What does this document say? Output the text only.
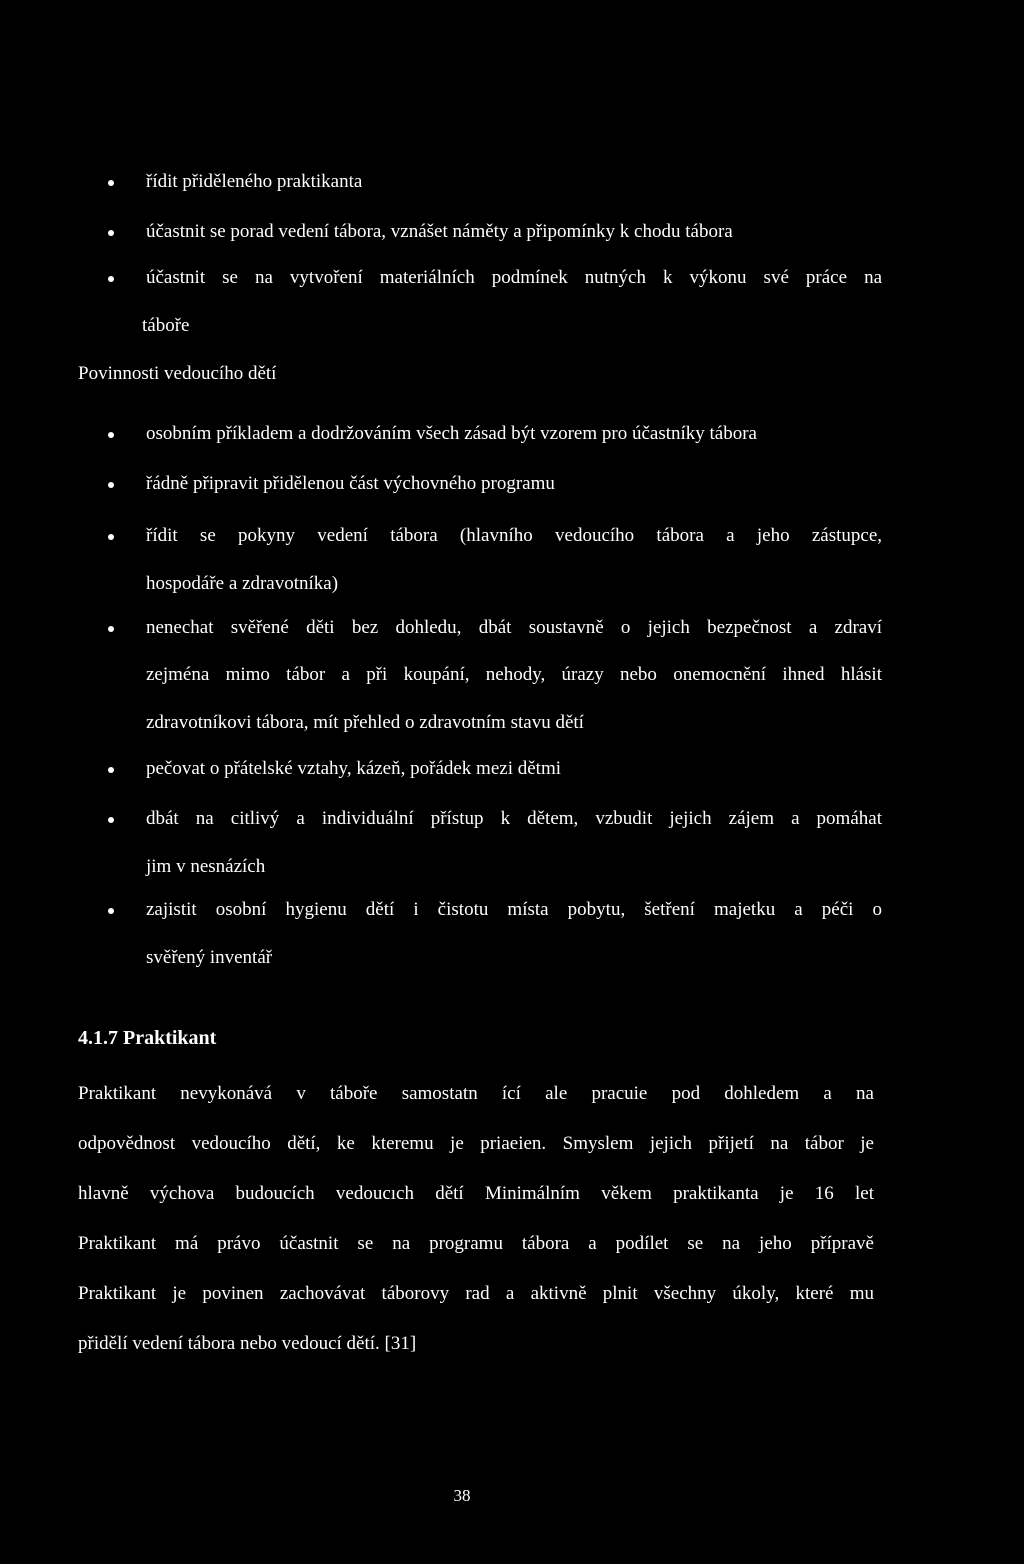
řídit přiděleného praktikanta
účastnit se porad vedení tábora, vznášet náměty a připomínky k chodu tábora
účastnit se na vytvoření materiálních podmínek nutných k výkonu své práce na
táboře
Povinnosti vedoucího dětí
osobním příkladem a dodržováním všech zásad být vzorem pro účastníky tábora
řádně připravit přidělenou část výchovného programu
řídit se pokyny vedení tábora (hlavního vedoucího tábora a jeho zástupce,
hospodáře a zdravotníka)
nenechat svěřené děti bez dohledu, dbát soustavně o jejich bezpečnost a zdraví
zejména mimo tábor a při koupání, nehody, úrazy nebo onemocnění ihned hlásit
zdravotníkovi tábora, mít přehled o zdravotním stavu dětí
pečovat o přátelské vztahy, kázeň, pořádek mezi dětmi
dbát na citlivý a individuální přístup k dětem, vzbudit jejich zájem a pomáhat
jim v nesnázích
zajistit osobní hygienu dětí i čistotu místa pobytu, šetření majetku a péči o
svěřený inventář
4.1.7 Praktikant
Praktikant nevykonává v táboře samostatn ící ale pracuie pod dohledem a na
odpovědnost vedoucího dětí, ke kteremu je priaeien. Smyslem jejich přijetí na tábor je
hlavně výchova budoucích vedoucıch dětí Minimálním věkem praktikanta je 16 let
Praktikant má právo účastnit se na programu tábora a podílet se na jeho přípravě
Praktikant je povinen zachovávat táborovy rad a aktivně plnit všechny úkoly, které mu
přidělí vedení tábora nebo vedoucí dětí. [31]
38
